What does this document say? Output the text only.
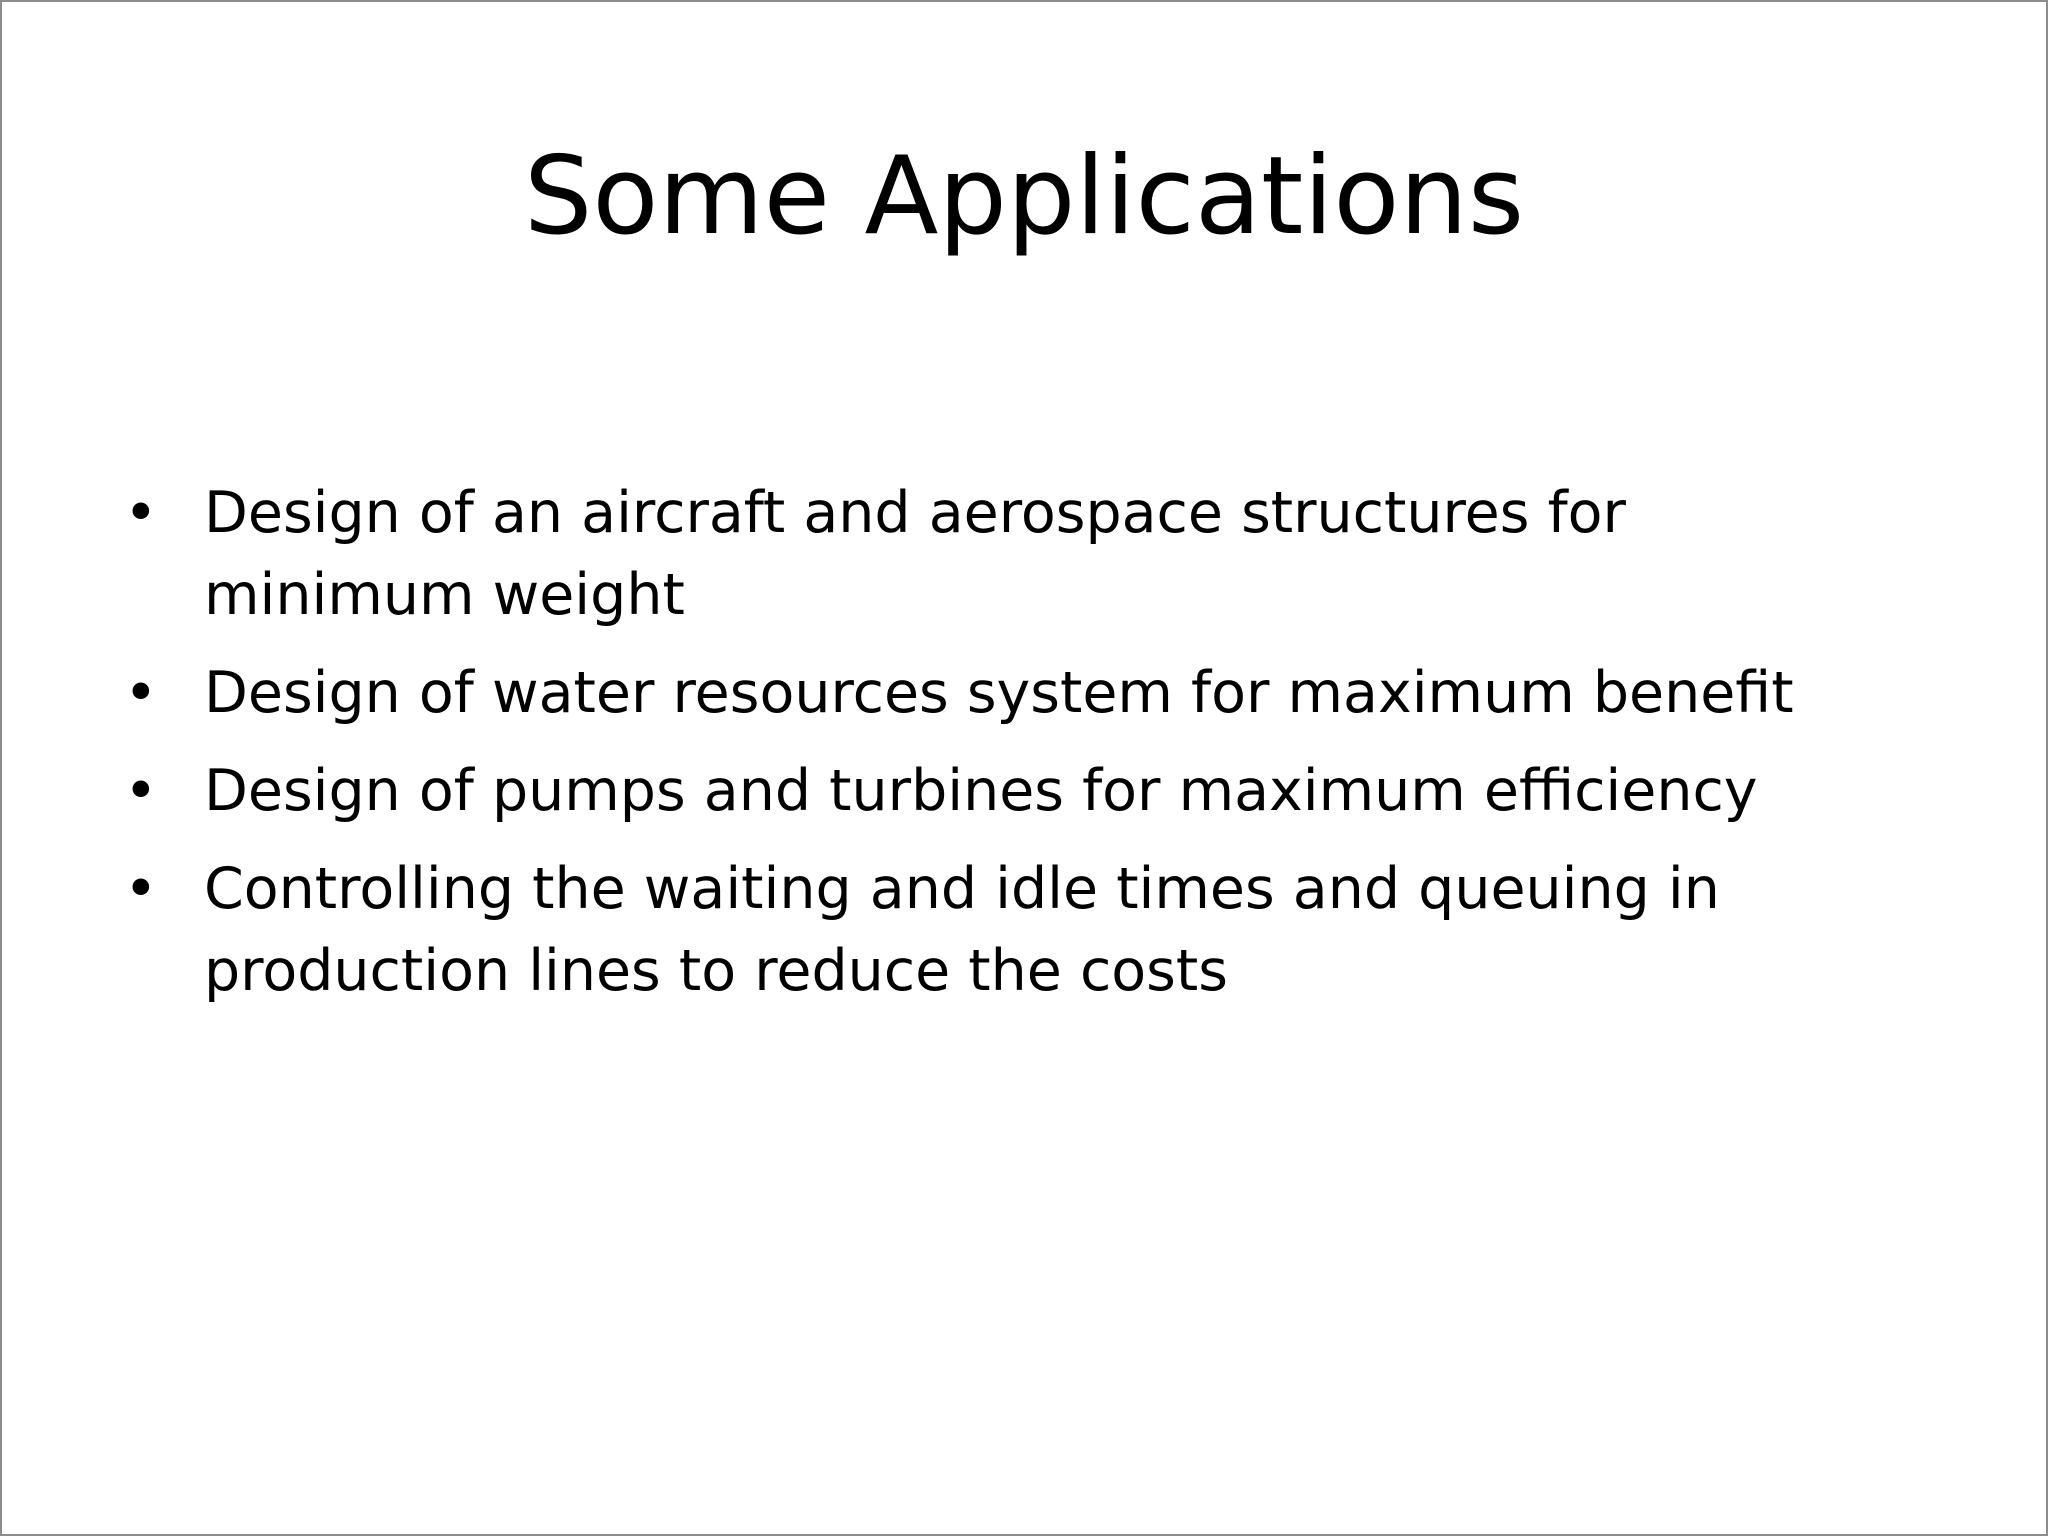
Some Applications
• Design of an aircraft and aerospace structures for minimum weight
• Design of water resources system for maximum benefit
• Design of pumps and turbines for maximum efficiency
• Controlling the waiting and idle times and queuing in production lines to reduce the costs
